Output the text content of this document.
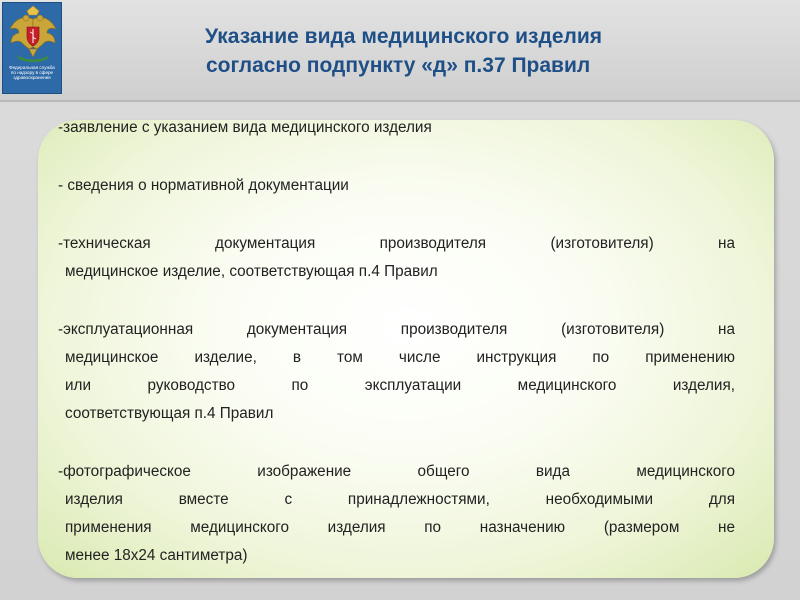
Федеральная служба
по надзору в сфере
здравоохранения
Указание вида медицинского изделия
согласно подпункту «д» п.37 Правил
-заявление с указанием вида медицинского изделия
- сведения о нормативной документации
-техническая документация производителя (изготовителя) на
медицинское изделие, соответствующая п.4 Правил
-эксплуатационная документация производителя (изготовителя) на
медицинское изделие, в том числе инструкция по применению
или руководство по эксплуатации медицинского изделия,
соответствующая п.4 Правил
-фотографическое изображение общего вида медицинского
изделия вместе с принадлежностями, необходимыми для
применения медицинского изделия по назначению (размером не
менее 18х24 сантиметра)
